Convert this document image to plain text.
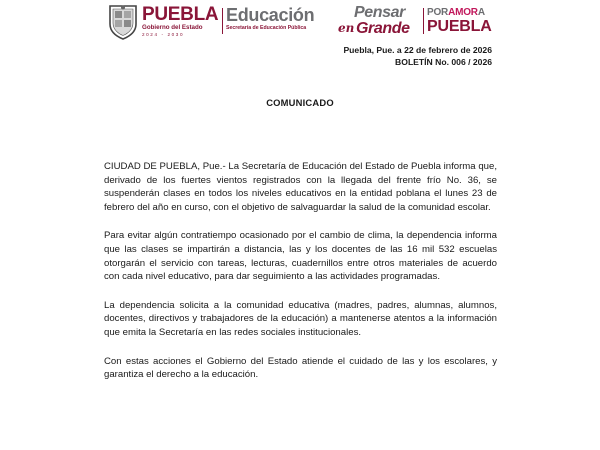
PUEBLA
Gobierno del Estado
2024 - 2030
Educación
Secretaría de Educación Pública
Pensar
en Grande
PORAMORA
PUEBLA
Puebla, Pue. a 22 de febrero de 2026
BOLETÍN No. 006 / 2026
COMUNICADO

CIUDAD DE PUEBLA, Pue.- La Secretaría de Educación del Estado de Puebla informa que, derivado de los fuertes vientos registrados con la llegada del frente frío No. 36, se suspenderán clases en todos los niveles educativos en la entidad poblana el lunes 23 de febrero del año en curso, con el objetivo de salvaguardar la salud de la comunidad escolar.

Para evitar algún contratiempo ocasionado por el cambio de clima, la dependencia informa que las clases se impartirán a distancia, las y los docentes de las 16 mil 532 escuelas otorgarán el servicio con tareas, lecturas, cuadernillos entre otros materiales de acuerdo con cada nivel educativo, para dar seguimiento a las actividades programadas.

La dependencia solicita a la comunidad educativa (madres, padres, alumnas, alumnos, docentes, directivos y trabajadores de la educación) a mantenerse atentos a la información que emita la Secretaría en las redes sociales institucionales.

Con estas acciones el Gobierno del Estado atiende el cuidado de las y los escolares, y garantiza el derecho a la educación.
